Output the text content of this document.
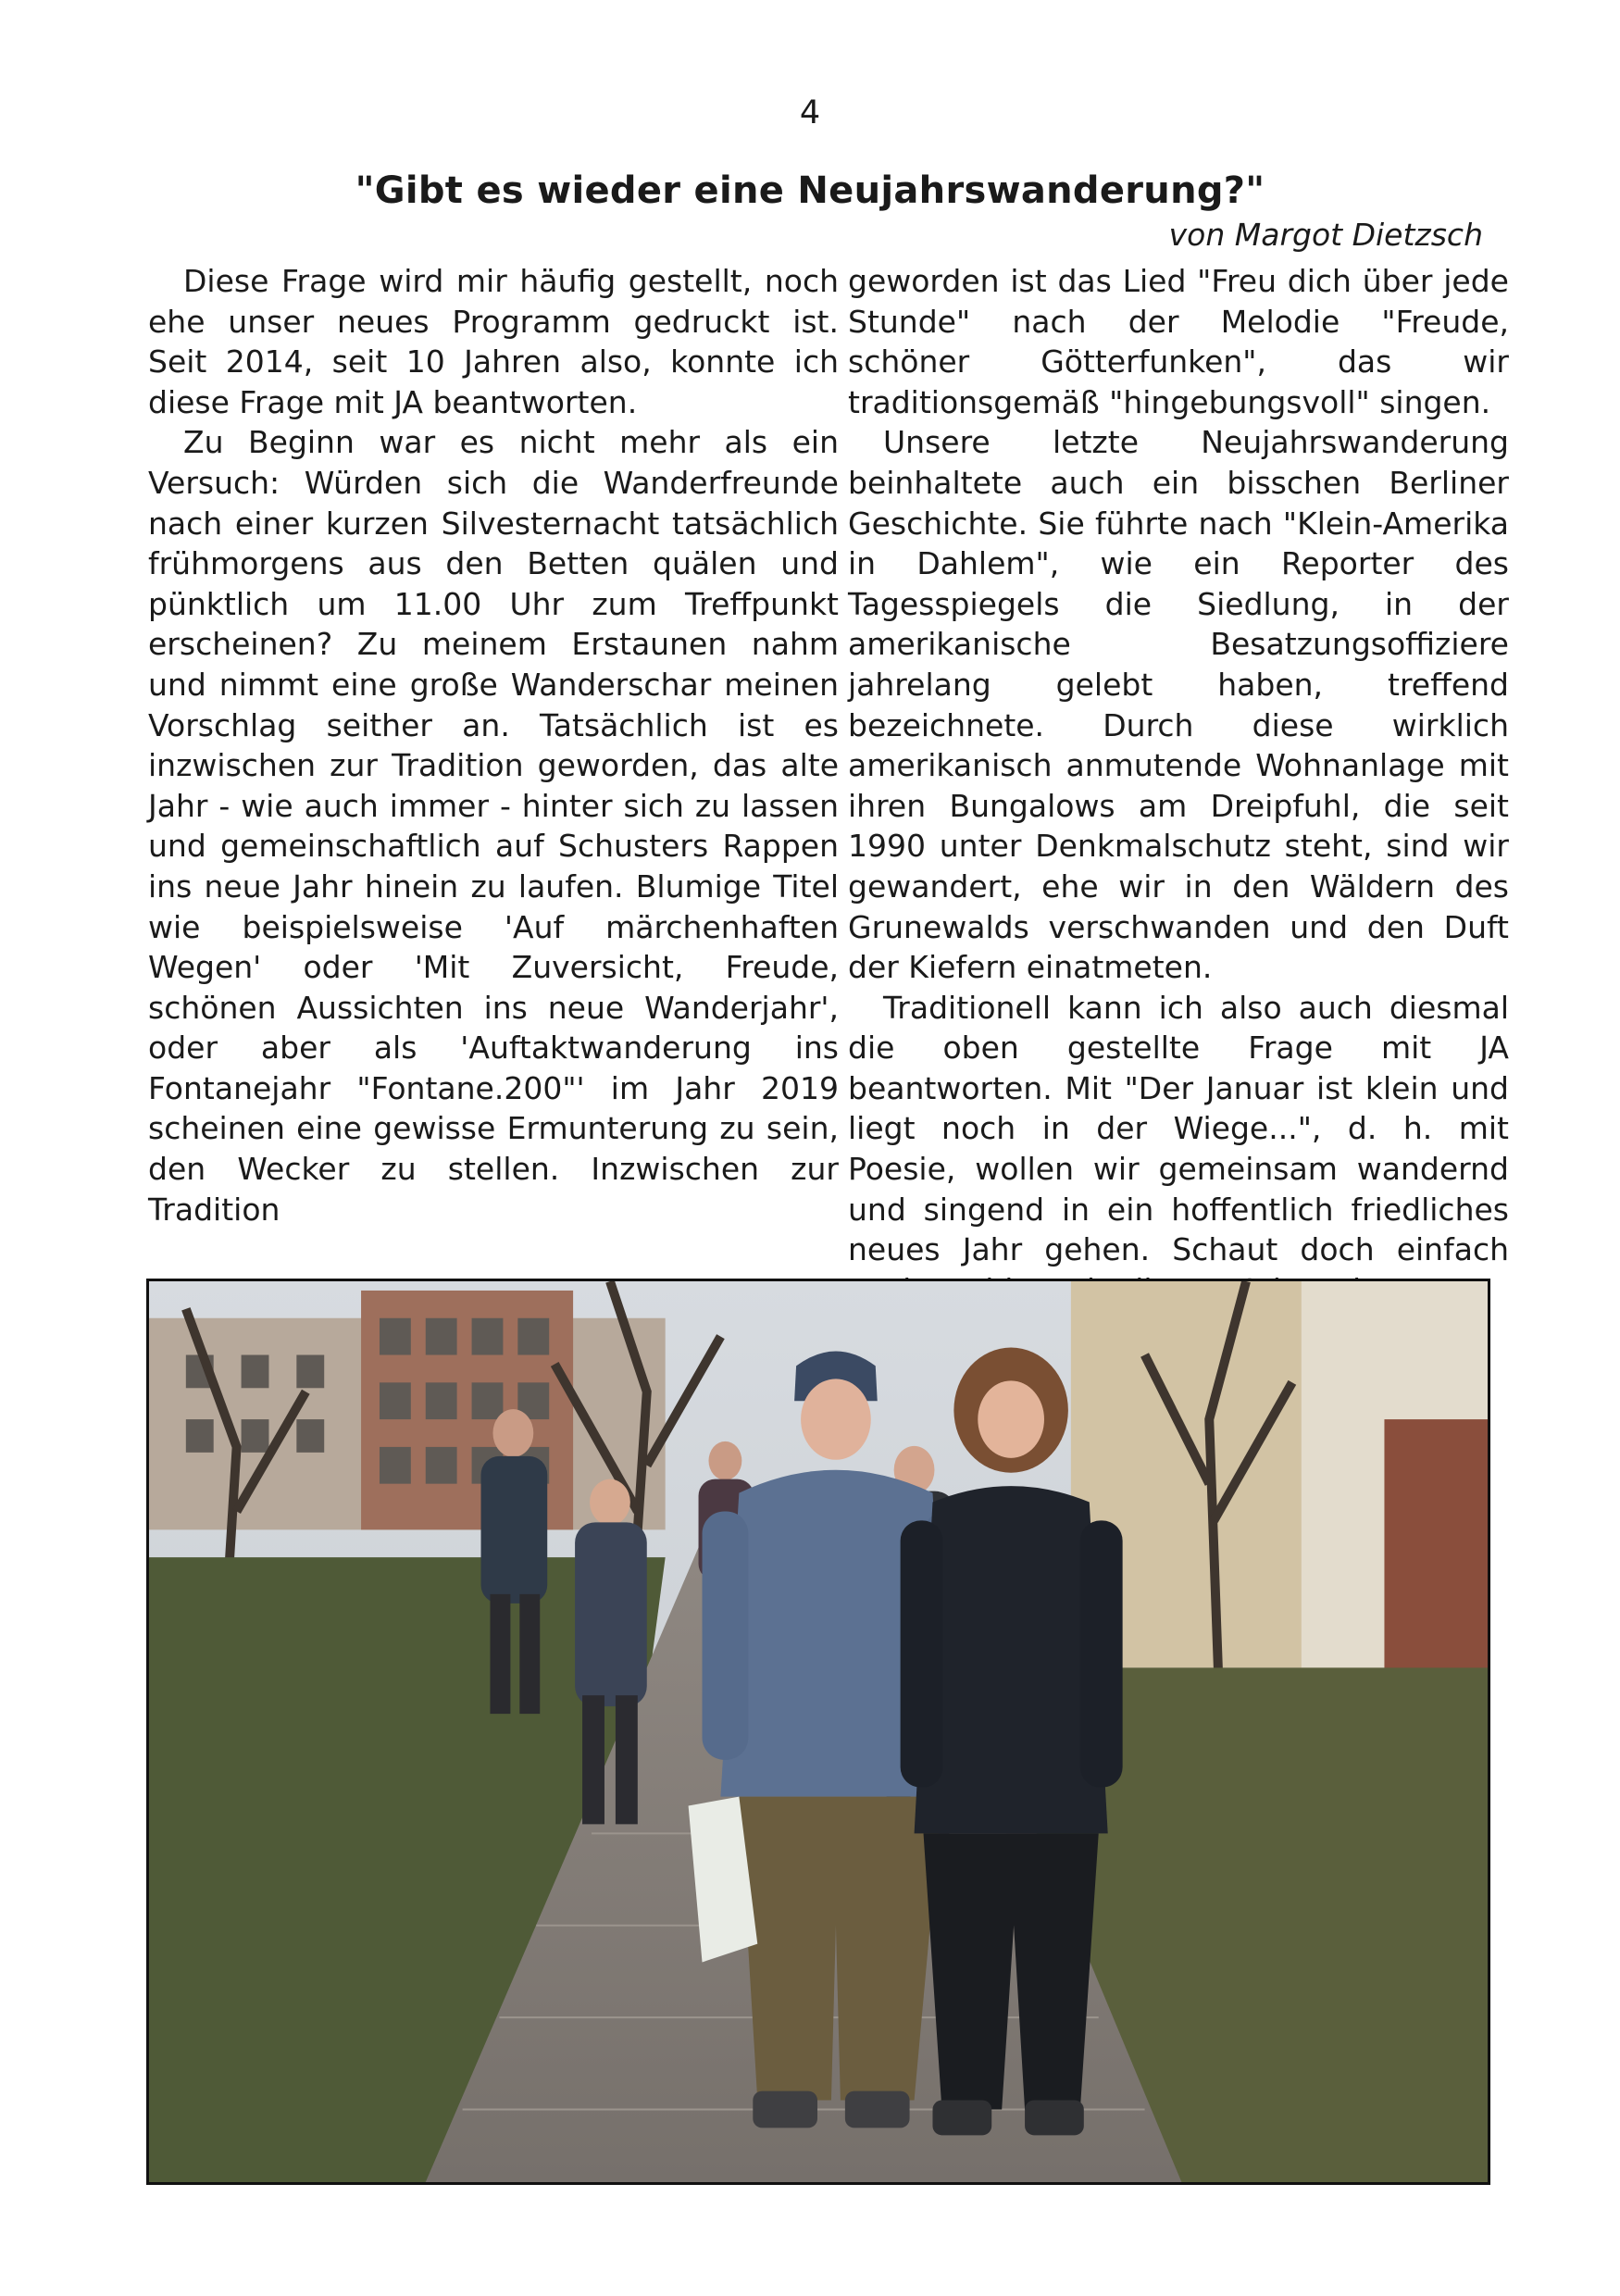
4
"Gibt es wieder eine Neujahrswanderung?"
von Margot Dietzsch

Diese Frage wird mir häufig gestellt, noch ehe unser neues Programm gedruckt ist. Seit 2014, seit 10 Jahren also, konnte ich diese Frage mit JA beantworten.

Zu Beginn war es nicht mehr als ein Versuch: Würden sich die Wanderfreunde nach einer kurzen Silvesternacht tatsächlich frühmorgens aus den Betten quälen und pünktlich um 11.00 Uhr zum Treffpunkt erscheinen? Zu meinem Erstaunen nahm und nimmt eine große Wanderschar meinen Vorschlag seither an. Tatsächlich ist es inzwischen zur Tradition geworden, das alte Jahr - wie auch immer - hinter sich zu lassen und gemeinschaftlich auf Schusters Rappen ins neue Jahr hinein zu laufen. Blumige Titel wie beispielsweise 'Auf märchenhaften Wegen' oder 'Mit Zuversicht, Freude, schönen Aussichten ins neue Wanderjahr', oder aber als 'Auftaktwanderung ins Fontanejahr "Fontane.200"' im Jahr 2019 scheinen eine gewisse Ermunterung zu sein, den Wecker zu stellen. Inzwischen zur Tradition

geworden ist das Lied "Freu dich über jede Stunde" nach der Melodie "Freude, schöner Götterfunken", das wir traditionsgemäß "hingebungsvoll" singen.

Unsere letzte Neujahrswanderung beinhaltete auch ein bisschen Berliner Geschichte. Sie führte nach "Klein-Amerika in Dahlem", wie ein Reporter des Tagesspiegels die Siedlung, in der amerikanische Besatzungsoffiziere jahrelang gelebt haben, treffend bezeichnete. Durch diese wirklich amerikanisch anmutende Wohnanlage mit ihren Bungalows am Dreipfuhl, die seit 1990 unter Denkmalschutz steht, sind wir gewandert, ehe wir in den Wäldern des Grunewalds verschwanden und den Duft der Kiefern einatmeten.

Traditionell kann ich also auch diesmal die oben gestellte Frage mit JA beantworten. Mit "Der Januar ist klein und liegt noch in der Wiege...", d. h. mit Poesie, wollen wir gemeinsam wandernd und singend in ein hoffentlich friedliches neues Jahr gehen. Schaut doch einfach
